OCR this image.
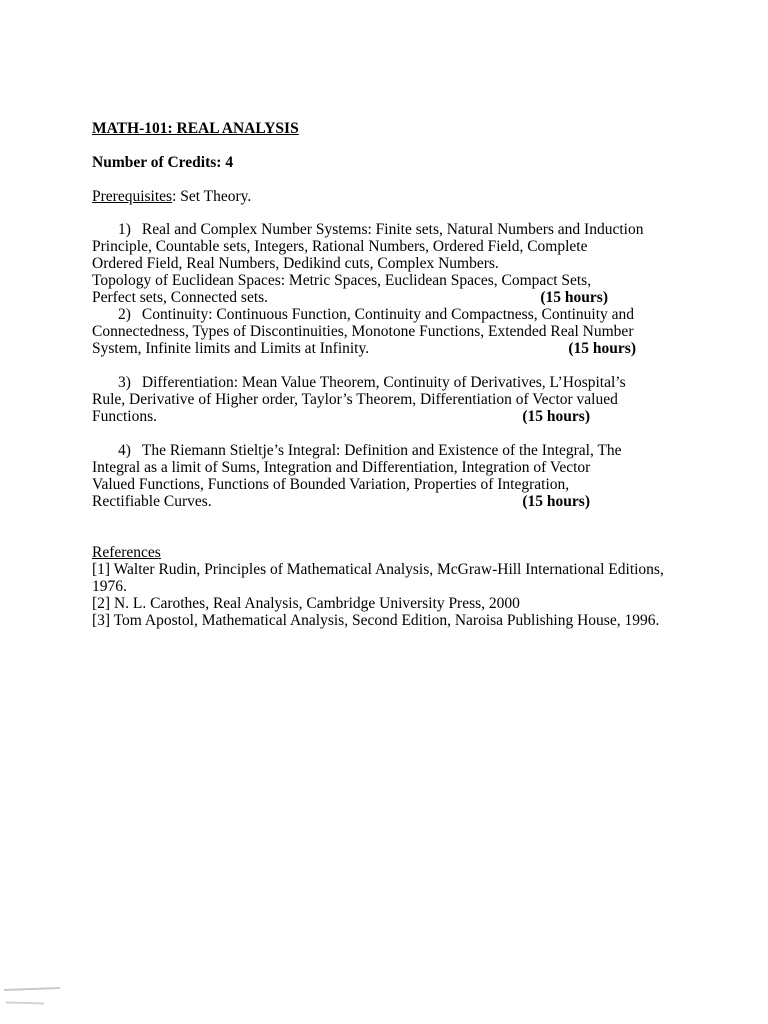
MATH-101: REAL ANALYSIS
Number of Credits: 4
Prerequisites: Set Theory.
1) Real and Complex Number Systems: Finite sets, Natural Numbers and Induction
Principle, Countable sets, Integers, Rational Numbers, Ordered Field, Complete
Ordered Field, Real Numbers, Dedikind cuts, Complex Numbers.
Topology of Euclidean Spaces: Metric Spaces, Euclidean Spaces, Compact Sets,
Perfect sets, Connected sets.	(15 hours)
2) Continuity: Continuous Function, Continuity and Compactness, Continuity and
Connectedness, Types of Discontinuities, Monotone Functions, Extended Real Number
System, Infinite limits and Limits at Infinity.	(15 hours)
3) Differentiation: Mean Value Theorem, Continuity of Derivatives, L’Hospital’s
Rule, Derivative of Higher order, Taylor’s Theorem, Differentiation of Vector valued
Functions.	(15 hours)
4) The Riemann Stieltje’s Integral: Definition and Existence of the Integral, The
Integral as a limit of Sums, Integration and Differentiation, Integration of Vector
Valued Functions, Functions of Bounded Variation, Properties of Integration,
Rectifiable Curves.	(15 hours)
References
[1] Walter Rudin, Principles of Mathematical Analysis, McGraw-Hill International Editions,
1976.
[2] N. L. Carothes, Real Analysis, Cambridge University Press, 2000
[3] Tom Apostol, Mathematical Analysis, Second Edition, Naroisa Publishing House, 1996.
